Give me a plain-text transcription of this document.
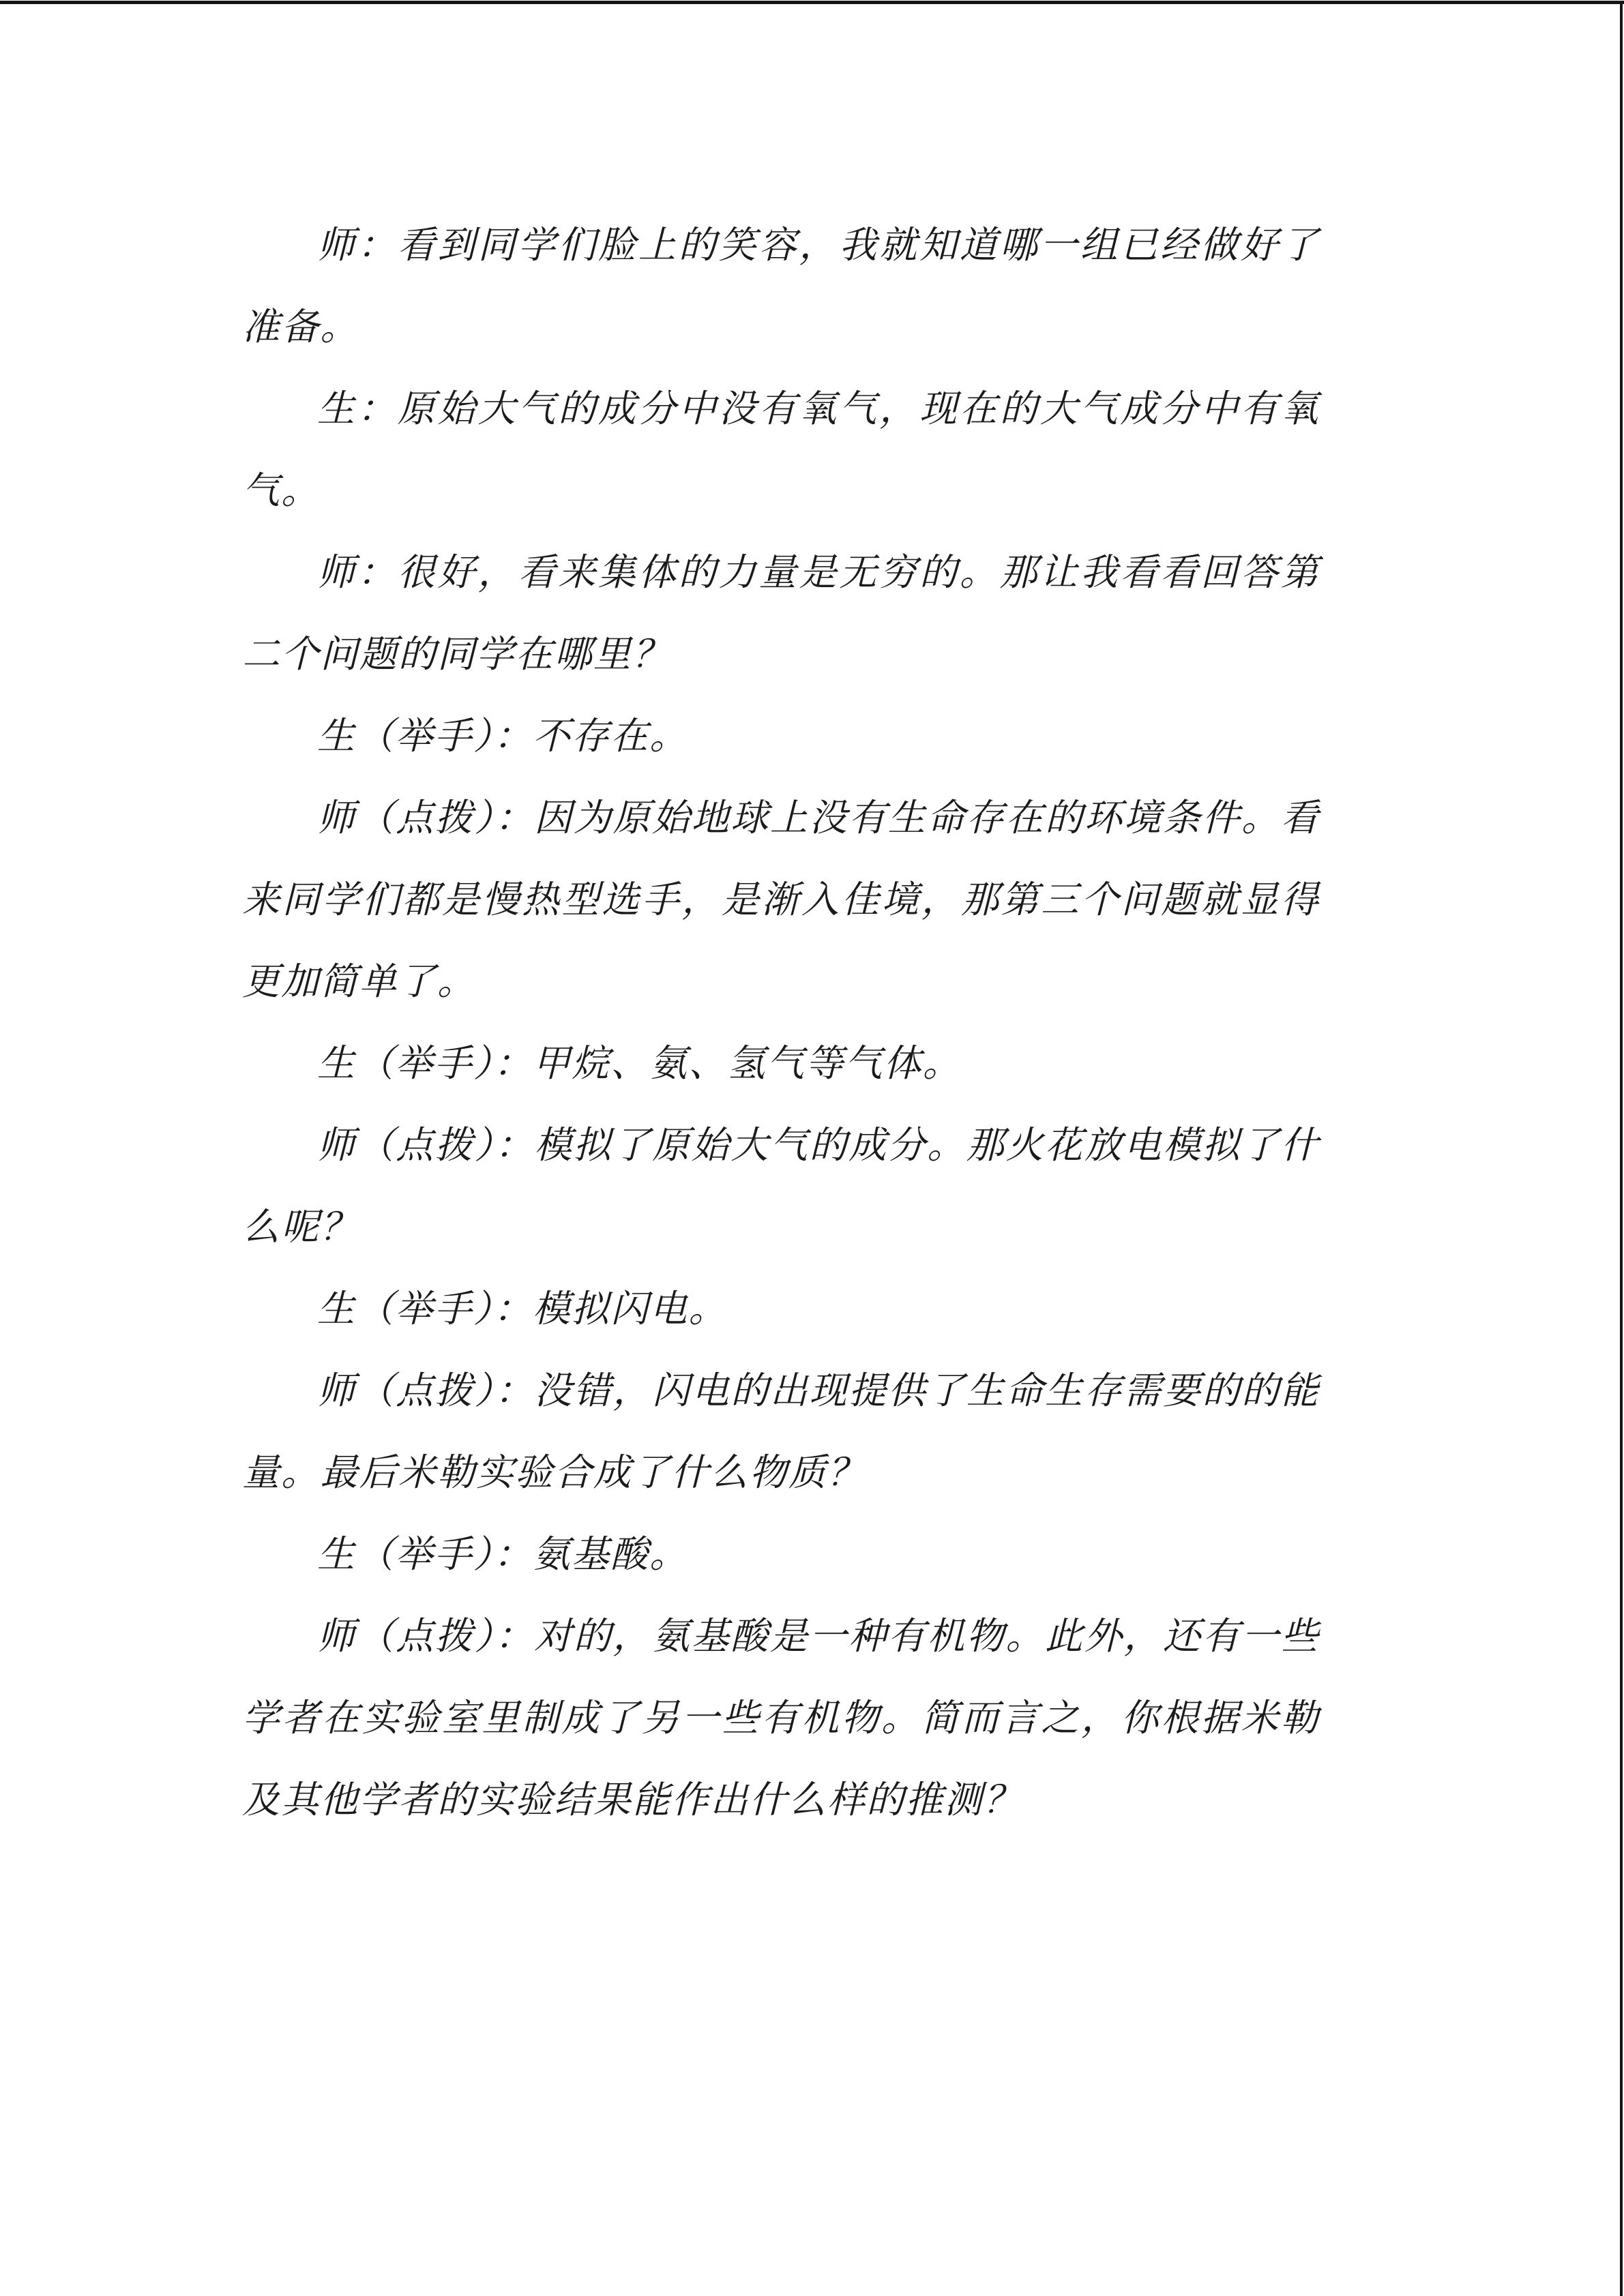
师：看到同学们脸上的笑容，我就知道哪一组已经做好了准备。

生：原始大气的成分中没有氧气，现在的大气成分中有氧气。

师：很好，看来集体的力量是无穷的。那让我看看回答第二个问题的同学在哪里？

生（举手）：不存在。

师（点拨）：因为原始地球上没有生命存在的环境条件。看来同学们都是慢热型选手，是渐入佳境，那第三个问题就显得更加简单了。

生（举手）：甲烷、氨、氢气等气体。

师（点拨）：模拟了原始大气的成分。那火花放电模拟了什么呢？

生（举手）：模拟闪电。

师（点拨）：没错，闪电的出现提供了生命生存需要的的能量。最后米勒实验合成了什么物质？

生（举手）：氨基酸。

师（点拨）：对的，氨基酸是一种有机物。此外，还有一些学者在实验室里制成了另一些有机物。简而言之，你根据米勒及其他学者的实验结果能作出什么样的推测？
